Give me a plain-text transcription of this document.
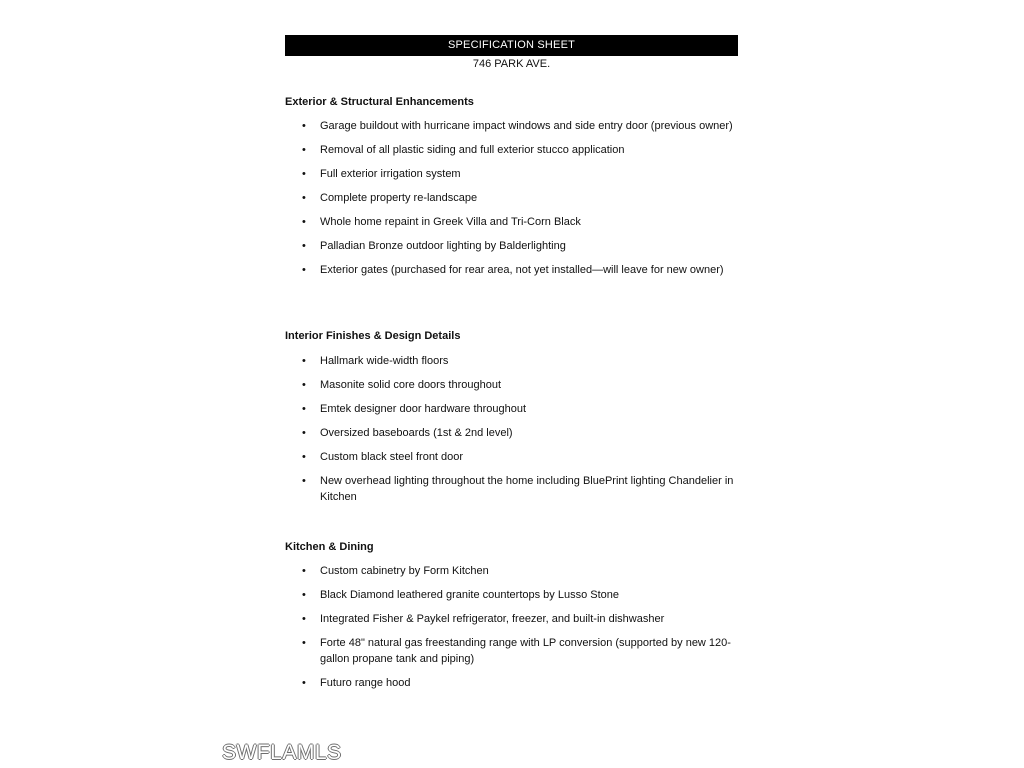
SPECIFICATION SHEET
746 PARK AVE.
Exterior & Structural Enhancements
• Garage buildout with hurricane impact windows and side entry door (previous owner)
• Removal of all plastic siding and full exterior stucco application
• Full exterior irrigation system
• Complete property re-landscape
• Whole home repaint in Greek Villa and Tri-Corn Black
• Palladian Bronze outdoor lighting by Balderlighting
• Exterior gates (purchased for rear area, not yet installed—will leave for new owner)
Interior Finishes & Design Details
• Hallmark wide-width floors
• Masonite solid core doors throughout
• Emtek designer door hardware throughout
• Oversized baseboards (1st & 2nd level)
• Custom black steel front door
• New overhead lighting throughout the home including BluePrint lighting Chandelier in Kitchen
Kitchen & Dining
• Custom cabinetry by Form Kitchen
• Black Diamond leathered granite countertops by Lusso Stone
• Integrated Fisher & Paykel refrigerator, freezer, and built-in dishwasher
• Forte 48" natural gas freestanding range with LP conversion (supported by new 120-gallon propane tank and piping)
• Futuro range hood
SWFLAMLS
